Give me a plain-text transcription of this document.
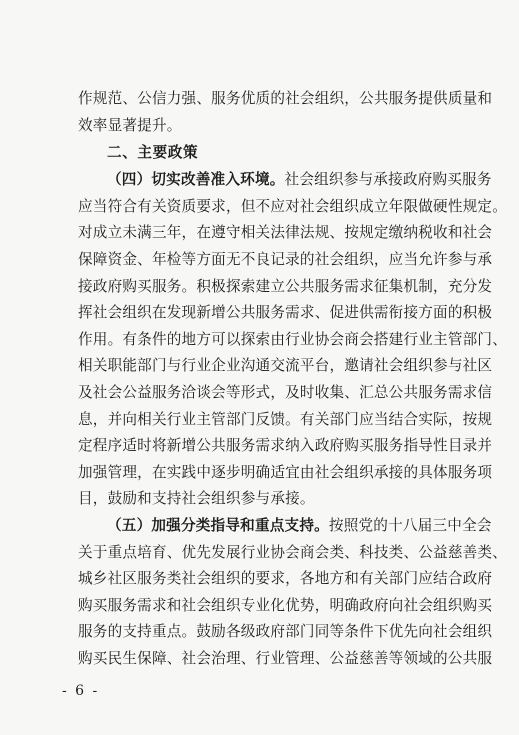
作规范、公信力强、服务优质的社会组织，公共服务提供质量和
效率显著提升。
二、主要政策
（四）切实改善准入环境。社会组织参与承接政府购买服务
应当符合有关资质要求，但不应对社会组织成立年限做硬性规定。
对成立未满三年，在遵守相关法律法规、按规定缴纳税收和社会
保障资金、年检等方面无不良记录的社会组织，应当允许参与承
接政府购买服务。积极探索建立公共服务需求征集机制，充分发
挥社会组织在发现新增公共服务需求、促进供需衔接方面的积极
作用。有条件的地方可以探索由行业协会商会搭建行业主管部门、
相关职能部门与行业企业沟通交流平台，邀请社会组织参与社区
及社会公益服务洽谈会等形式，及时收集、汇总公共服务需求信
息，并向相关行业主管部门反馈。有关部门应当结合实际，按规
定程序适时将新增公共服务需求纳入政府购买服务指导性目录并
加强管理，在实践中逐步明确适宜由社会组织承接的具体服务项
目，鼓励和支持社会组织参与承接。
（五）加强分类指导和重点支持。按照党的十八届三中全会
关于重点培育、优先发展行业协会商会类、科技类、公益慈善类、
城乡社区服务类社会组织的要求，各地方和有关部门应结合政府
购买服务需求和社会组织专业化优势，明确政府向社会组织购买
服务的支持重点。鼓励各级政府部门同等条件下优先向社会组织
购买民生保障、社会治理、行业管理、公益慈善等领域的公共服
- 6 -
